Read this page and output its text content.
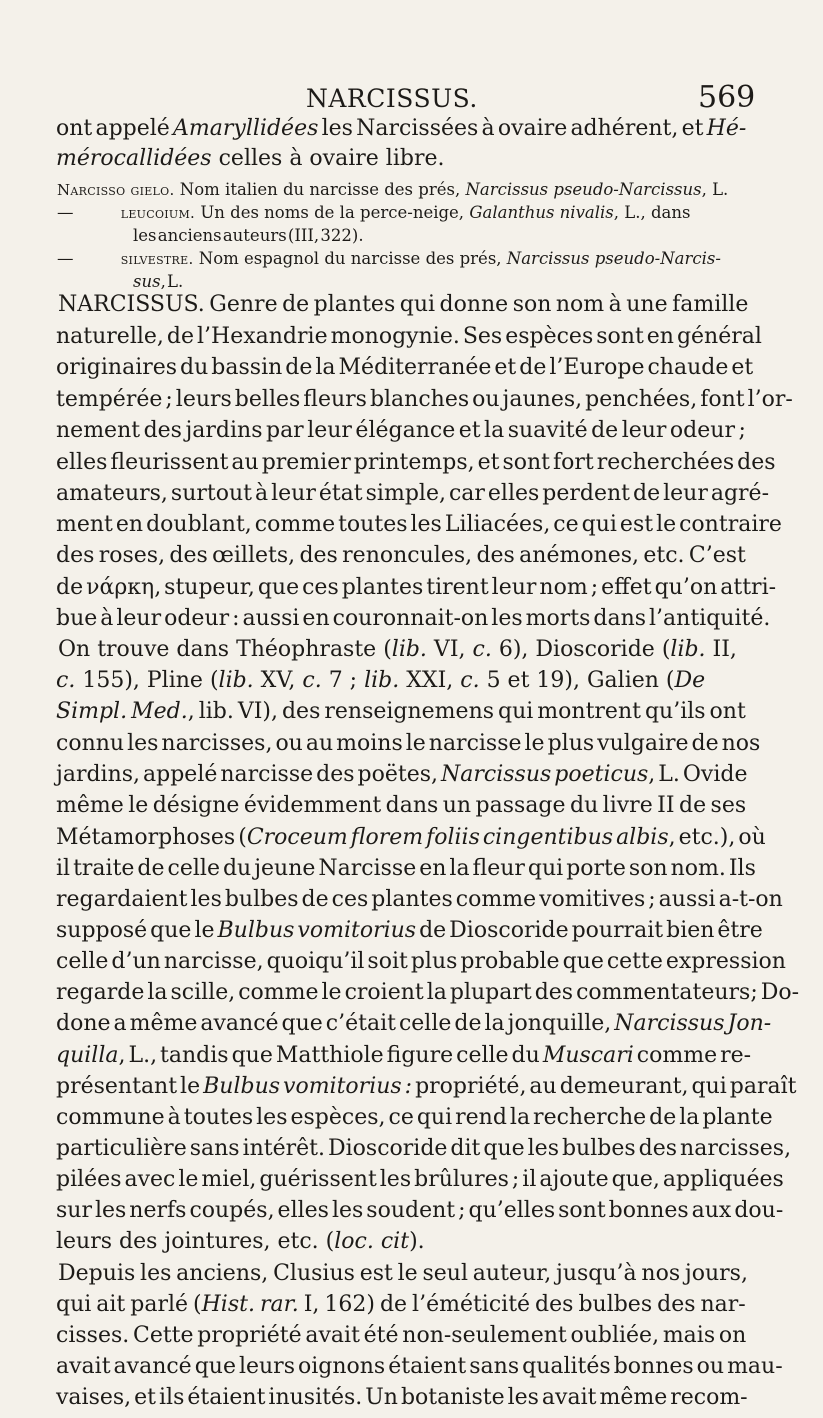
NARCISSUS.	569
ont appelé Amaryllidées les Narcissées à ovaire adhérent, et Hé-
mérocallidées celles à ovaire libre.
Narcisso gielo. Nom italien du narcisse des prés, Narcissus pseudo-Narcissus, L.
—         leucoium. Un des noms de la perce-neige, Galanthus nivalis, L., dans
les anciens auteurs (III, 322).
—         silvestre. Nom espagnol du narcisse des prés, Narcissus pseudo-Narcis-
sus, L.
NARCISSUS. Genre de plantes qui donne son nom à une famille
naturelle, de l’Hexandrie monogynie. Ses espèces sont en général
originaires du bassin de la Méditerranée et de l’Europe chaude et
tempérée ; leurs belles fleurs blanches ou jaunes, penchées, font l’or-
nement des jardins par leur élégance et la suavité de leur odeur ;
elles fleurissent au premier printemps, et sont fort recherchées des
amateurs, surtout à leur état simple, car elles perdent de leur agré-
ment en doublant, comme toutes les Liliacées, ce qui est le contraire
des roses, des œillets, des renoncules, des anémones, etc. C’est
de νάρκη, stupeur, que ces plantes tirent leur nom ; effet qu’on attri-
bue à leur odeur : aussi en couronnait-on les morts dans l’antiquité.
On trouve dans Théophraste (lib. VI, c. 6), Dioscoride (lib. II,
c. 155), Pline (lib. XV, c. 7 ; lib. XXI, c. 5 et 19), Galien (De
Simpl. Med., lib. VI), des renseignemens qui montrent qu’ils ont
connu les narcisses, ou au moins le narcisse le plus vulgaire de nos
jardins, appelé narcisse des poëtes, Narcissus poeticus, L. Ovide
même le désigne évidemment dans un passage du livre II de ses
Métamorphoses (Croceum florem foliis cingentibus albis, etc.), où
il traite de celle du jeune Narcisse en la fleur qui porte son nom. Ils
regardaient les bulbes de ces plantes comme vomitives ; aussi a-t-on
supposé que le Bulbus vomitorius de Dioscoride pourrait bien être
celle d’un narcisse, quoiqu’il soit plus probable que cette expression
regarde la scille, comme le croient la plupart des commentateurs; Do-
done a même avancé que c’était celle de la jonquille, Narcissus Jon-
quilla, L., tandis que Matthiole figure celle du Muscari comme re-
présentant le Bulbus vomitorius : propriété, au demeurant, qui paraît
commune à toutes les espèces, ce qui rend la recherche de la plante
particulière sans intérêt. Dioscoride dit que les bulbes des narcisses,
pilées avec le miel, guérissent les brûlures ; il ajoute que, appliquées
sur les nerfs coupés, elles les soudent ; qu’elles sont bonnes aux dou-
leurs des jointures, etc. (loc. cit).
Depuis les anciens, Clusius est le seul auteur, jusqu’à nos jours,
qui ait parlé (Hist. rar. I, 162) de l’éméticité des bulbes des nar-
cisses. Cette propriété avait été non-seulement oubliée, mais on
avait avancé que leurs oignons étaient sans qualités bonnes ou mau-
vaises, et ils étaient inusités. Un botaniste les avait même recom-
